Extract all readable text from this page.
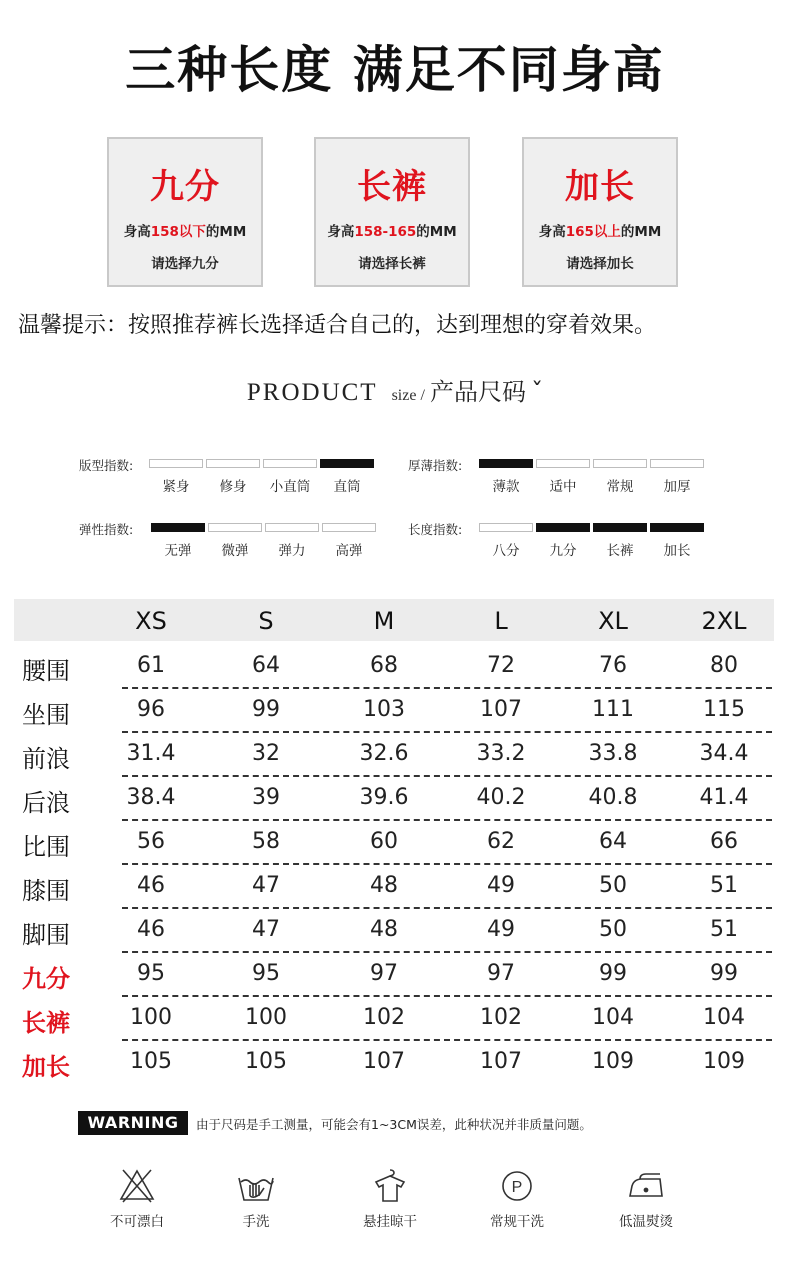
三种长度 满足不同身高
九分
身高158以下的MM
请选择九分
长裤
身高158-165的MM
请选择长裤
加长
身高165以上的MM
请选择加长
温馨提示：按照推荐裤长选择适合自己的，达到理想的穿着效果。
PRODUCT size / 产品尺码 ˇ
版型指数:
紧身	修身	小直筒	直筒
厚薄指数:
薄款	适中	常规	加厚
弹性指数:
无弹	微弹	弹力	高弹
长度指数:
八分	九分	长裤	加长
XS	S	M	L	XL	2XL
腰围	61	64	68	72	76	80
坐围	96	99	103	107	111	115
前浪	31.4	32	32.6	33.2	33.8	34.4
后浪	38.4	39	39.6	40.2	40.8	41.4
比围	56	58	60	62	64	66
膝围	46	47	48	49	50	51
脚围	46	47	48	49	50	51
九分	95	95	97	97	99	99
长裤	100	100	102	102	104	104
加长	105	105	107	107	109	109
WARNING	由于尺码是手工测量，可能会有1~3CM误差，此种状况并非质量问题。
P
不可漂白	手洗	悬挂晾干	常规干洗	低温熨烫
